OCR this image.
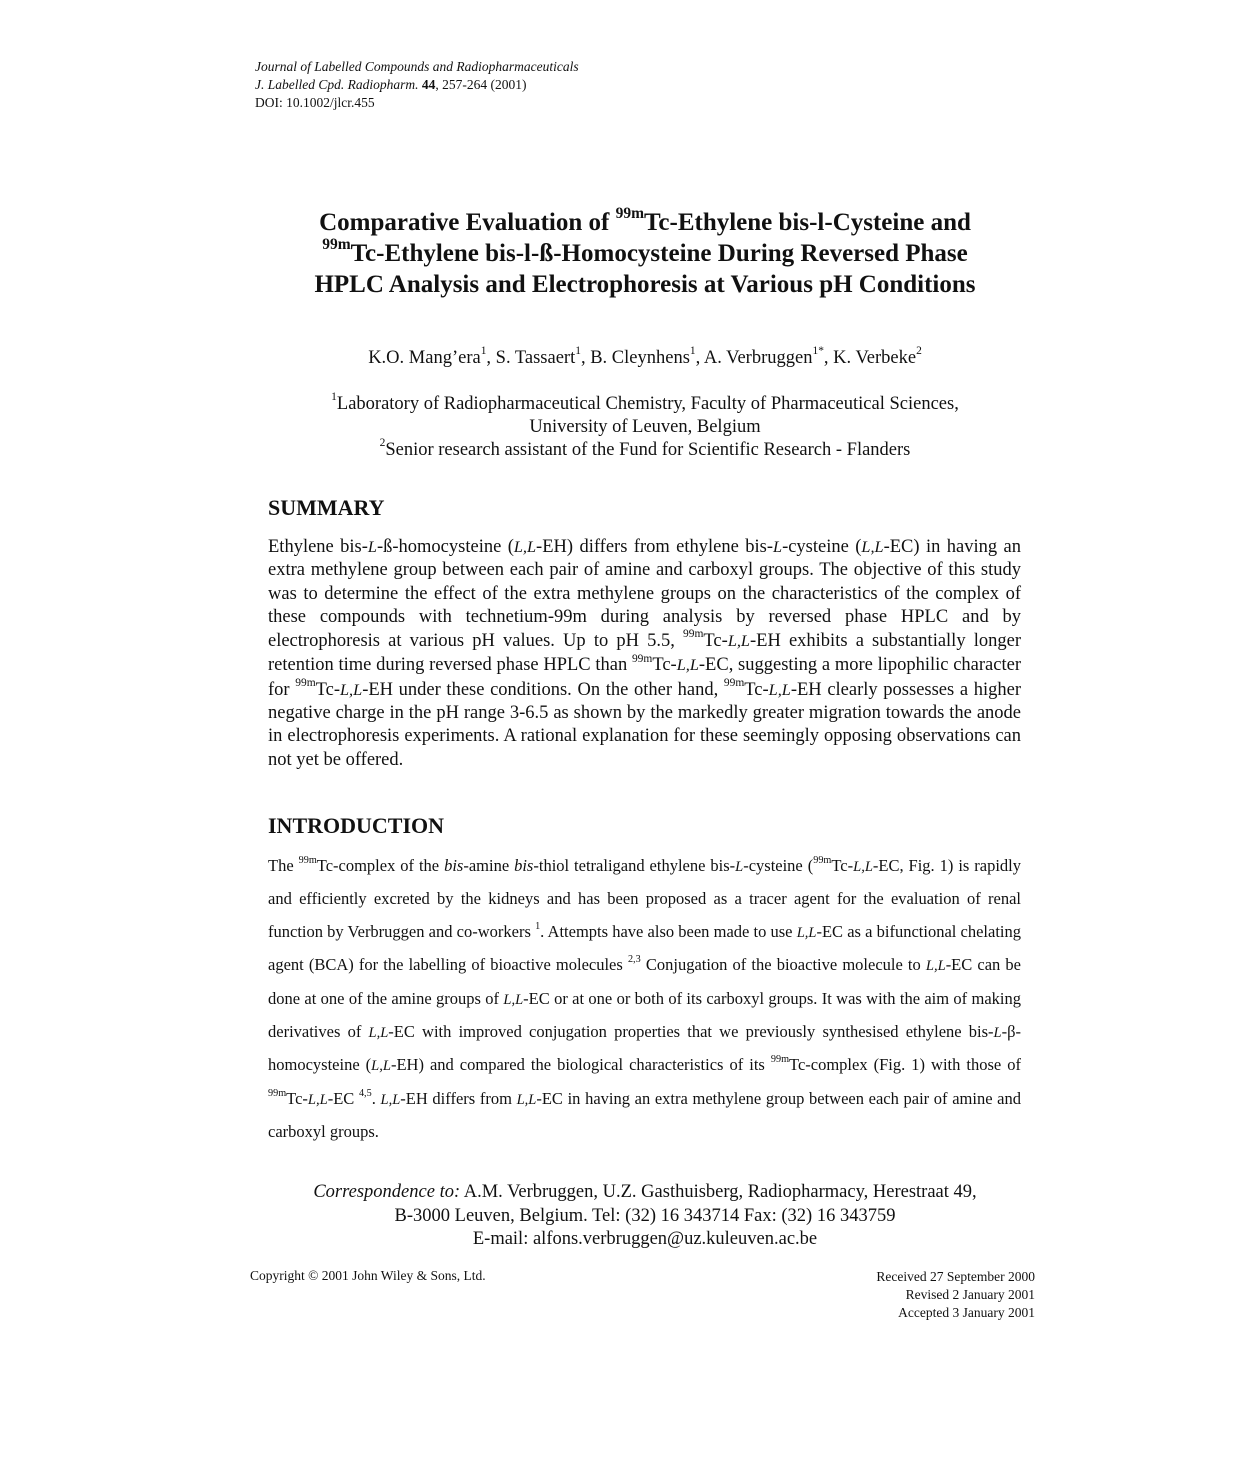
Journal of Labelled Compounds and Radiopharmaceuticals
J. Labelled Cpd. Radiopharm. 44, 257-264 (2001)
DOI: 10.1002/jlcr.455
Comparative Evaluation of $^{99m}$Tc-Ethylene bis-l-Cysteine and
$^{99m}$Tc-Ethylene bis-l-ß-Homocysteine During Reversed Phase
HPLC Analysis and Electrophoresis at Various pH Conditions
K.O. Mang’era$^1$, S. Tassaert$^1$, B. Cleynhens$^1$, A. Verbruggen$^{1*}$, K. Verbeke$^2$
$^1$Laboratory of Radiopharmaceutical Chemistry, Faculty of Pharmaceutical Sciences,
University of Leuven, Belgium
$^2$Senior research assistant of the Fund for Scientific Research - Flanders
SUMMARY
Ethylene bis-L-ß-homocysteine (L,L-EH) differs from ethylene bis-L-cysteine (L,L-EC) in having an extra methylene group between each pair of amine and carboxyl groups. The objective of this study was to determine the effect of the extra methylene groups on the characteristics of the complex of these compounds with technetium-99m during analysis by reversed phase HPLC and by electrophoresis at various pH values. Up to pH 5.5, $^{99m}$Tc-L,L-EH exhibits a substantially longer retention time during reversed phase HPLC than $^{99m}$Tc-L,L-EC, suggesting a more lipophilic character for $^{99m}$Tc-L,L-EH under these conditions. On the other hand, $^{99m}$Tc-L,L-EH clearly possesses a higher negative charge in the pH range 3-6.5 as shown by the markedly greater migration towards the anode in electrophoresis experiments. A rational explanation for these seemingly opposing observations can not yet be offered.
INTRODUCTION
The $^{99m}$Tc-complex of the bis-amine bis-thiol tetraligand ethylene bis-L-cysteine ($^{99m}$Tc-L,L-EC, Fig. 1) is rapidly and efficiently excreted by the kidneys and has been proposed as a tracer agent for the evaluation of renal function by Verbruggen and co-workers $^1$. Attempts have also been made to use L,L-EC as a bifunctional chelating agent (BCA) for the labelling of bioactive molecules $^{2,3}$ Conjugation of the bioactive molecule to L,L-EC can be done at one of the amine groups of L,L-EC or at one or both of its carboxyl groups. It was with the aim of making derivatives of L,L-EC with improved conjugation properties that we previously synthesised ethylene bis-L-β-homocysteine (L,L-EH) and compared the biological characteristics of its $^{99m}$Tc-complex (Fig. 1) with those of $^{99m}$Tc-L,L-EC $^{4,5}$. L,L-EH differs from L,L-EC in having an extra methylene group between each pair of amine and carboxyl groups.
Correspondence to: A.M. Verbruggen, U.Z. Gasthuisberg, Radiopharmacy, Herestraat 49,
B-3000 Leuven, Belgium. Tel: (32) 16 343714 Fax: (32) 16 343759
E-mail: alfons.verbruggen@uz.kuleuven.ac.be
Copyright © 2001 John Wiley & Sons, Ltd.	Received 27 September 2000
Revised 2 January 2001
Accepted 3 January 2001
